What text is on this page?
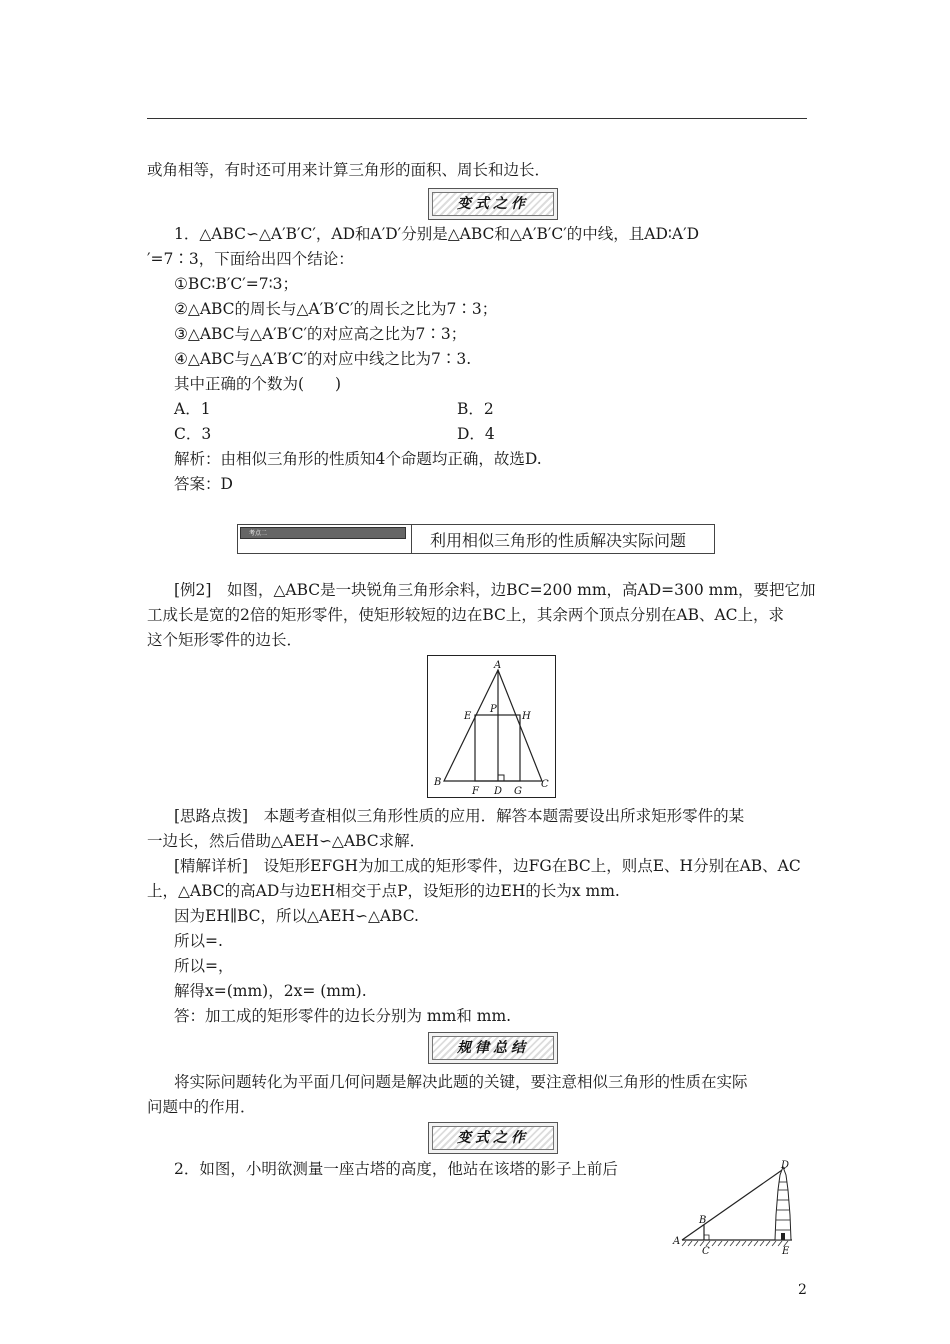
或角相等，有时还可用来计算三角形的面积、周长和边长．
变式之作
1．△ABC∽△A′B′C′，AD和A′D′分别是△ABC和△A′B′C′的中线，且AD∶A′D
′=7∶3，下面给出四个结论：
①BC∶B′C′=7∶3；
②△ABC的周长与△A′B′C′的周长之比为7∶3；
③△ABC与△A′B′C′的对应高之比为7∶3；
④△ABC与△A′B′C′的对应中线之比为7∶3.
其中正确的个数为(　　)
A．1	B．2
C．3	D．4
解析：由相似三角形的性质知4个命题均正确，故选D.
答案：D
考点二	利用相似三角形的性质解决实际问题
[例2]　如图，△ABC是一块锐角三角形余料，边BC=200 mm，高AD=300 mm，要把它加
工成长是宽的2倍的矩形零件，使矩形较短的边在BC上，其余两个顶点分别在AB、AC上，求
这个矩形零件的边长．
A
B	C
D
E
F	G
H
P
[思路点拨]　本题考查相似三角形性质的应用．解答本题需要设出所求矩形零件的某
一边长，然后借助△AEH∽△ABC求解．
[精解详析]　设矩形EFGH为加工成的矩形零件，边FG在BC上，则点E、H分别在AB、AC
上，△ABC的高AD与边EH相交于点P，设矩形的边EH的长为x mm.
因为EH∥BC，所以△AEH∽△ABC.
所以=.
所以=，
解得x=(mm)，2x= (mm).
答：加工成的矩形零件的边长分别为 mm和 mm.
规律总结
将实际问题转化为平面几何问题是解决此题的关键，要注意相似三角形的性质在实际
问题中的作用．
变式之作
2．如图，小明欲测量一座古塔的高度，他站在该塔的影子上前后
A
B
C
D
E
2
